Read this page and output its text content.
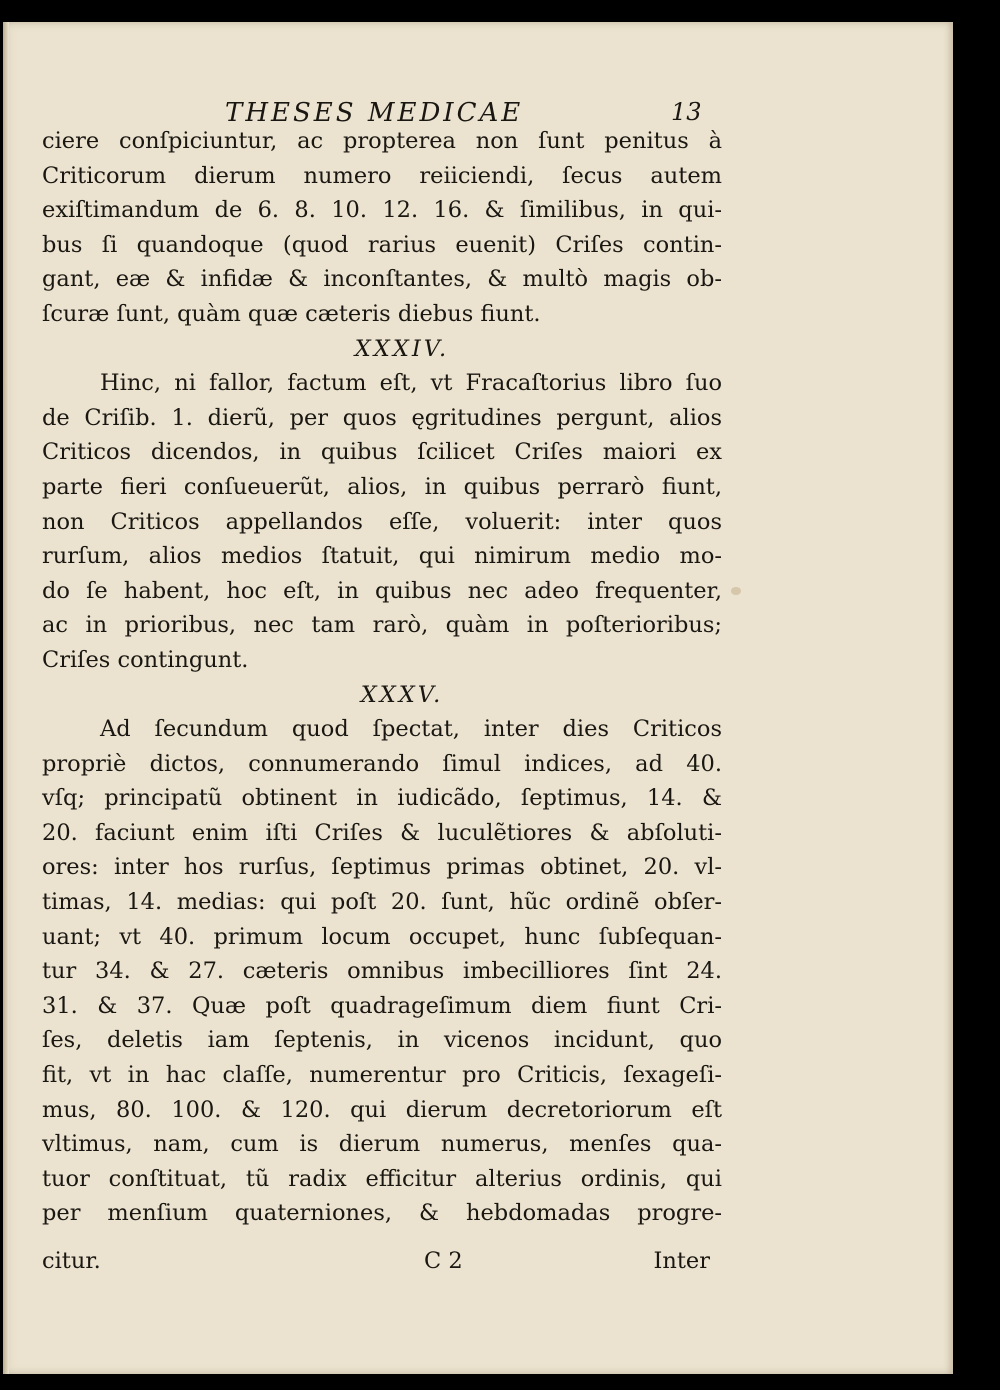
THESES MEDICAE	13
ciere conſpiciuntur, ac propterea non ſunt penitus à
Criticorum dierum numero reiiciendi, ſecus autem
exiſtimandum de 6. 8. 10. 12. 16. & ſimilibus, in qui-
bus ſi quandoque (quod rarius euenit) Criſes contin-
gant, eæ & infidæ & inconſtantes, & multò magis ob-
ſcuræ ſunt, quàm quæ cæteris diebus fiunt.
XXXIV.
Hinc, ni fallor, factum eſt, vt Fracaſtorius libro ſuo
de Criſib. 1. dierũ, per quos ęgritudines pergunt, alios
Criticos dicendos, in quibus ſcilicet Criſes maiori ex
parte fieri conſueuerũt, alios, in quibus perrarò fiunt,
non Criticos appellandos eſſe, voluerit: inter quos
rurſum, alios medios ſtatuit, qui nimirum medio mo-
do ſe habent, hoc eſt, in quibus nec adeo frequenter,
ac in prioribus, nec tam rarò, quàm in poſterioribus;
Criſes contingunt.
XXXV.
Ad ſecundum quod ſpectat, inter dies Criticos
propriè dictos, connumerando ſimul indices, ad 40.
vſq; principatũ obtinent in iudicãdo, ſeptimus, 14. &
20. faciunt enim iſti Criſes & luculẽtiores & abſoluti-
ores: inter hos rurſus, ſeptimus primas obtinet, 20. vl-
timas, 14. medias: qui poſt 20. ſunt, hũc ordinẽ obſer-
uant; vt 40. primum locum occupet, hunc ſubſequan-
tur 34. & 27. cæteris omnibus imbecilliores ſint 24.
31. & 37. Quæ poſt quadrageſimum diem fiunt Cri-
ſes, deletis iam ſeptenis, in vicenos incidunt, quo
fit, vt in hac claſſe, numerentur pro Criticis, ſexageſi-
mus, 80. 100. & 120. qui dierum decretoriorum eſt
vltimus, nam, cum is dierum numerus, menſes qua-
tuor conſtituat, tũ radix efficitur alterius ordinis, qui
per menſium quaterniones, & hebdomadas progre-
citur.	C 2	Inter
